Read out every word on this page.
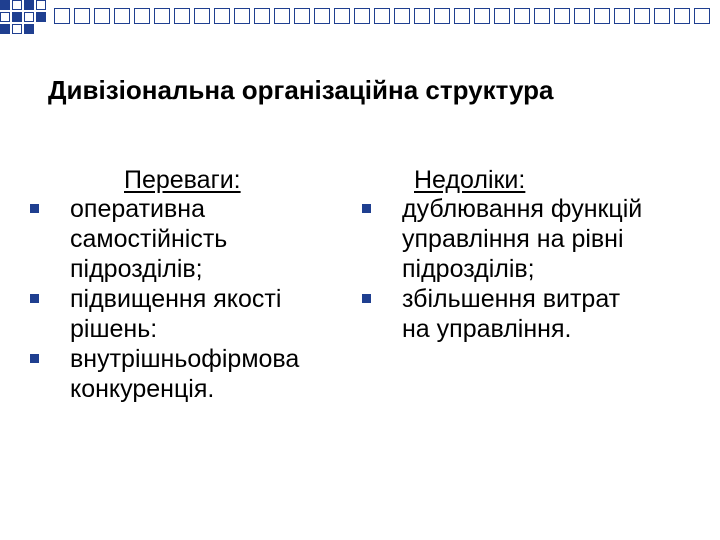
Дивізіональна організаційна структура
Переваги:
оперативна
самостійність
підрозділів;
підвищення якості
рішень:
внутрішньофірмова
конкуренція.
Недоліки:
дублювання функцій
управління на рівні
підрозділів;
збільшення витрат
на управління.
